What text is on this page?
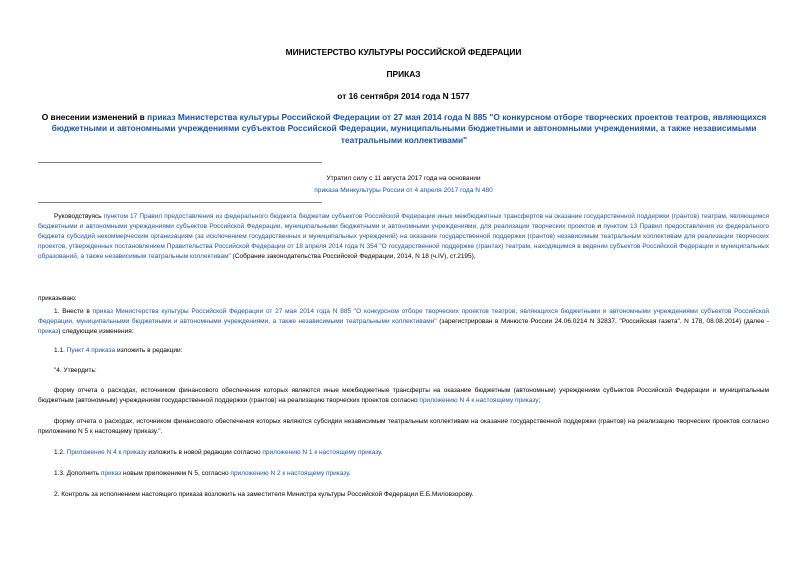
МИНИСТЕРСТВО КУЛЬТУРЫ РОССИЙСКОЙ ФЕДЕРАЦИИ
ПРИКАЗ
от 16 сентября 2014 года N 1577

О внесении изменений в приказ Министерства культуры Российской Федерации от 27 мая 2014 года N 885 "О конкурсном отборе творческих проектов театров, являющихся бюджетными и автономными учреждениями субъектов Российской Федерации, муниципальными бюджетными и автономными учреждениями, а также независимыми театральными коллективами"

Утратил силу с 11 августа 2017 года на основании
приказа Минкультуры России от 4 апреля 2017 года N 480

Руководствуясь пунктом 17 Правил предоставления из федерального бюджета бюджетам субъектов Российской Федерации иных межбюджетных трансфертов на оказание государственной поддержки (грантов) театрам, являющимся бюджетными и автономными учреждениями субъектов Российской Федерации, муниципальными бюджетными и автономными учреждениями, для реализации творческих проектов и пунктом 13 Правил предоставления из федерального бюджета субсидий некоммерческим организациям (за исключением государственных и муниципальных учреждений) на оказание государственной поддержки (грантов) независимым театральным коллективам для реализации творческих проектов, утвержденных постановлением Правительства Российской Федерации от 18 апреля 2014 года N 354 "О государственной поддержке (грантах) театрам, находящимся в ведении субъектов Российской Федерации и муниципальных образований, а также независимым театральным коллективам" (Собрание законодательства Российской Федерации, 2014, N 18 (ч.IV), ст.2195),

приказываю:

1. Внести в приказ Министерства культуры Российской Федерации от 27 мая 2014 года N 885 "О конкурсном отборе творческих проектов театров, являющихся бюджетными и автономными учреждениями субъектов Российской Федерации, муниципальными бюджетными и автономными учреждениями, а также независимыми театральными коллективами" (зарегистрирован в Минюсте России 24.06.0214 N 32837, "Российская газета", N 178, 08.08.2014) (далее - приказ) следующие изменения:

1.1. Пункт 4 приказа изложить в редакции:

"4. Утвердить:

форму отчета о расходах, источником финансового обеспечения которых являются иные межбюджетные трансферты на оказание бюджетным (автономным) учреждениям субъектов Российской Федерации и муниципальным бюджетным (автономным) учреждениям государственной поддержки (грантов) на реализацию творческих проектов согласно приложению N 4 к настоящему приказу;

форму отчета о расходах, источником финансового обеспечения которых являются субсидии независимым театральным коллективам на оказание государственной поддержки (грантов) на реализацию творческих проектов согласно приложению N 5 к настоящему приказу.".

1.2. Приложение N 4 к приказу изложить в новой редакции согласно приложению N 1 к настоящему приказу.

1.3. Дополнить приказ новым приложением N 5, согласно приложению N 2 к настоящему приказу.

2. Контроль за исполнением настоящего приказа возложить на заместителя Министра культуры Российской Федерации Е.Б.Миловзорову.
